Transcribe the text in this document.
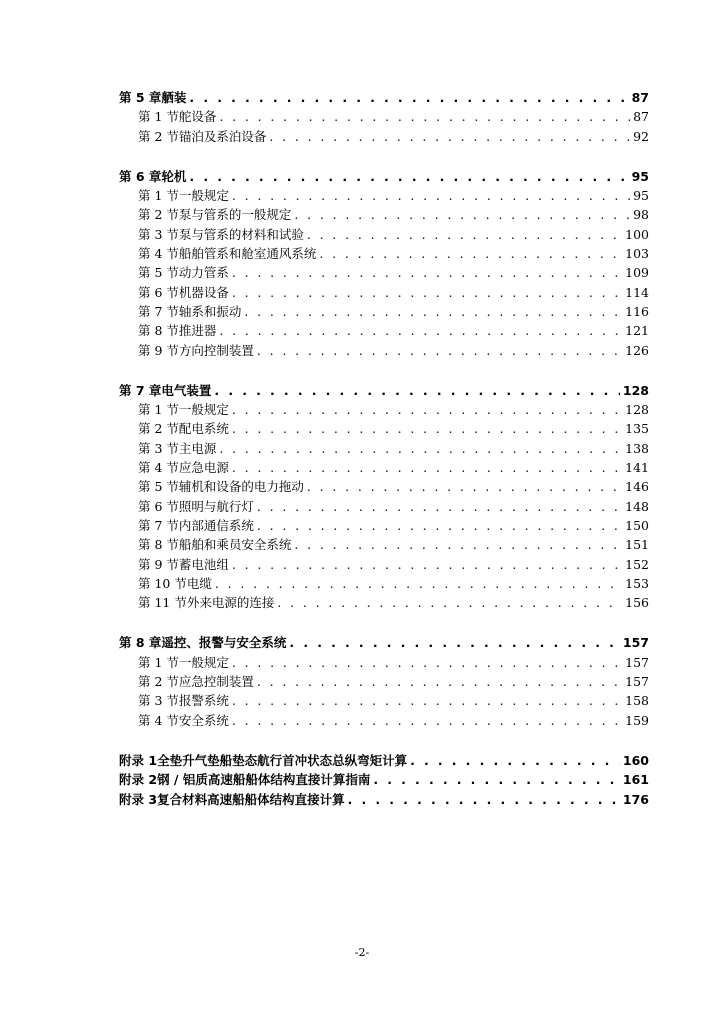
第 5 章 舾装 . . .	87
第 1 节 舵设备 . . .	87
第 2 节 锚泊及系泊设备 . . .	92
第 6 章 轮机 . . .	95
第 1 节 一般规定 . . .	95
第 2 节 泵与管系的一般规定 . . .	98
第 3 节 泵与管系的材料和试验 . . .	100
第 4 节 船舶管系和舱室通风系统 . . .	103
第 5 节 动力管系 . . .	109
第 6 节 机器设备 . . .	114
第 7 节 轴系和振动 . . .	116
第 8 节 推进器 . . .	121
第 9 节 方向控制装置 . . .	126
第 7 章 电气装置 . . .	128
第 1 节 一般规定 . . .	128
第 2 节 配电系统 . . .	135
第 3 节 主电源 . . .	138
第 4 节 应急电源 . . .	141
第 5 节 辅机和设备的电力拖动 . . .	146
第 6 节 照明与航行灯 . . .	148
第 7 节 内部通信系统 . . .	150
第 8 节 船舶和乘员安全系统 . . .	151
第 9 节 蓄电池组 . . .	152
第 10 节 电缆 . . .	153
第 11 节 外来电源的连接 . . .	156
第 8 章 遥控、报警与安全系统 . . .	157
第 1 节 一般规定 . . .	157
第 2 节 应急控制装置 . . .	157
第 3 节 报警系统 . . .	158
第 4 节 安全系统 . . .	159
附录 1 全垫升气垫船垫态航行首冲状态总纵弯矩计算 . . .	160
附录 2 钢 / 铝质高速船船体结构直接计算指南 . . .	161
附录 3 复合材料高速船船体结构直接计算 . . .	176
-2-
